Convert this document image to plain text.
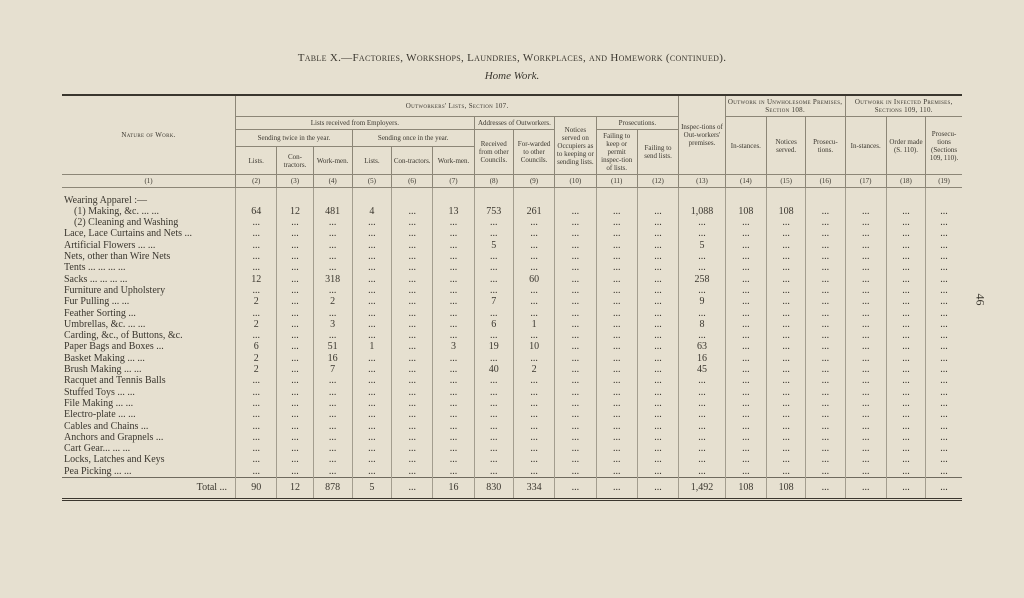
Table X.—Factories, Workshops, Laundries, Workplaces, and Homework (continued).
Home Work.
46
Nature of Work.	Outworkers' Lists, Section 107.											Inspec-tions of Out-workers' premises.	Outwork in Unwholesome Premises, Section 108.			Outwork in Infected Premises, Sections 109, 110.		
	Lists received from Employers.						Addresses of Outworkers.		Notices served on Occupiers as to keeping or sending lists.	Prosecutions.			In-stances.	Notices served.	Prosecu-tions.	In-stances.	Order made (S. 110).	Prosecu-tions (Sections 109, 110).
	Sending twice in the year.			Sending once in the year.			Received from other Councils.	For-warded to other Councils.		Failing to keep or permit inspec-tion of lists.	Failing to send lists.							
	Lists.	Con-tractors.	Work-men.	Lists.	Con-tractors.	Work-men.												
(1)	(2)	(3)	(4)	(5)	(6)	(7)	(8)	(9)	(10)	(11)	(12)	(13)	(14)	(15)	(16)	(17)	(18)	(19)
Wearing Apparel :—																		
(1) Making, &c. ... ...	64	12	481	4	...	13	753	261	...	...	...	1,088	108	108	...	...	...	...
(2) Cleaning and Washing	...	...	...	...	...	...	...	...	...	...	...	...	...	...	...	...	...	...
Lace, Lace Curtains and Nets ...	...	...	...	...	...	...	...	...	...	...	...	...	...	...	...	...	...	...
Artificial Flowers ... ...	...	...	...	...	...	...	5	...	...	...	...	5	...	...	...	...	...	...
Nets, other than Wire Nets	...	...	...	...	...	...	...	...	...	...	...	...	...	...	...	...	...	...
Tents ... ... ... ...	...	...	...	...	...	...	...	...	...	...	...	...	...	...	...	...	...	...
Sacks ... ... ... ...	12	...	318	...	...	...	...	60	...	...	...	258	...	...	...	...	...	...
Furniture and Upholstery	...	...	...	...	...	...	...	...	...	...	...	...	...	...	...	...	...	...
Fur Pulling ... ...	2	...	2	...	...	...	7	...	...	...	...	9	...	...	...	...	...	...
Feather Sorting ...	...	...	...	...	...	...	...	...	...	...	...	...	...	...	...	...	...	...
Umbrellas, &c. ... ...	2	...	3	...	...	...	6	1	...	...	...	8	...	...	...	...	...	...
Carding, &c., of Buttons, &c.	...	...	...	...	...	...	...	...	...	...	...	...	...	...	...	...	...	...
Paper Bags and Boxes ...	6	...	51	1	...	3	19	10	...	...	...	63	...	...	...	...	...	...
Basket Making ... ...	2	...	16	...	...	...	...	...	...	...	...	16	...	...	...	...	...	...
Brush Making ... ...	2	...	7	...	...	...	40	2	...	...	...	45	...	...	...	...	...	...
Racquet and Tennis Balls	...	...	...	...	...	...	...	...	...	...	...	...	...	...	...	...	...	...
Stuffed Toys ... ...	...	...	...	...	...	...	...	...	...	...	...	...	...	...	...	...	...	...
File Making ... ...	...	...	...	...	...	...	...	...	...	...	...	...	...	...	...	...	...	...
Electro-plate ... ...	...	...	...	...	...	...	...	...	...	...	...	...	...	...	...	...	...	...
Cables and Chains ...	...	...	...	...	...	...	...	...	...	...	...	...	...	...	...	...	...	...
Anchors and Grapnels ...	...	...	...	...	...	...	...	...	...	...	...	...	...	...	...	...	...	...
Cart Gear... ... ...	...	...	...	...	...	...	...	...	...	...	...	...	...	...	...	...	...	...
Locks, Latches and Keys	...	...	...	...	...	...	...	...	...	...	...	...	...	...	...	...	...	...
Pea Picking ... ...	...	...	...	...	...	...	...	...	...	...	...	...	...	...	...	...	...	...
Total ...	90	12	878	5	...	16	830	334	...	...	...	1,492	108	108	...	...	...	...
